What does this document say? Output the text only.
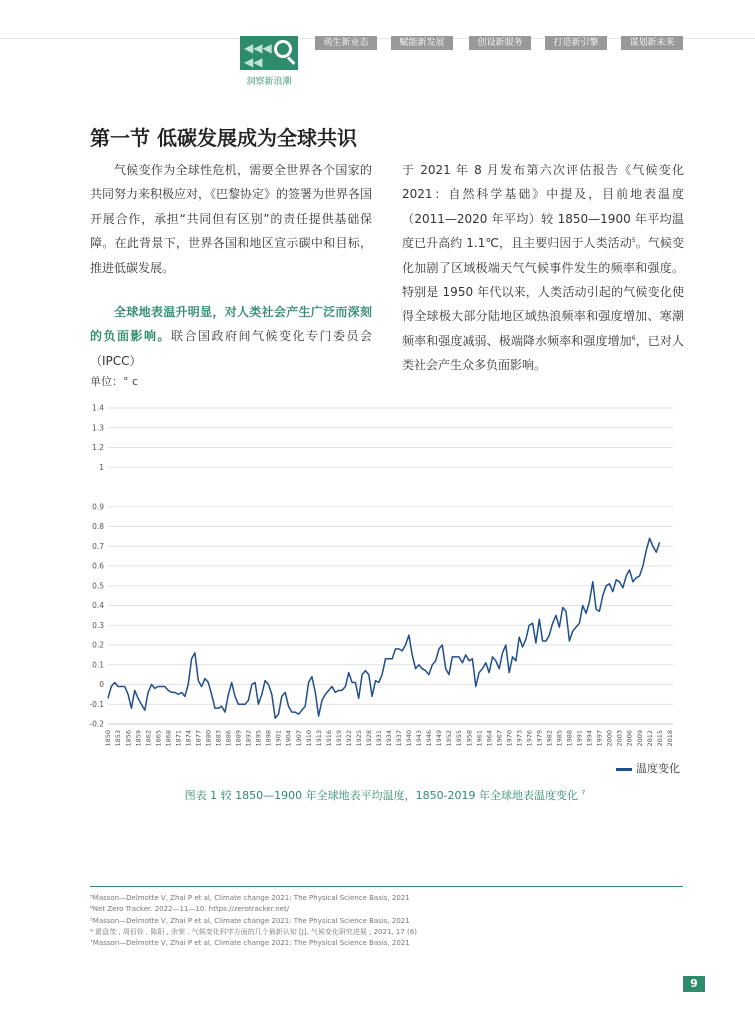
◀◀◀
◀◀
洞察新浪潮
萌生新业态	赋能新发展	创设新服务	打造新引擎	谋划新未来
第一节 低碳发展成为全球共识

气候变作为全球性危机，需要全世界各个国家的共同努力来积极应对，《巴黎协定》的签署为世界各国开展合作，承担“共同但有区别”的责任提供基础保障。在此背景下，世界各国和地区宣示碳中和目标，推进低碳发展。

全球地表温升明显，对人类社会产生广泛而深刻的负面影响。联合国政府间气候变化专门委员会（IPCC）

于 2021 年 8 月发布第六次评估报告《气候变化 2021：自然科学基础》中提及，目前地表温度（2011—2020 年平均）较 1850—1900 年平均温度已升高约 1.1℃，且主要归因于人类活动$^5$。气候变化加剧了区域极端天气气候事件发生的频率和强度。特别是 1950 年代以来，人类活动引起的气候变化使得全球极大部分陆地区域热浪频率和强度增加、寒潮频率和强度减弱、极端降水频率和强度增加$^6$，已对人类社会产生众多负面影响。

单位：° c
1.4
1.3
1.2
1
0.9
0.8
0.7
0.6
0.5
0.4
0.3
0.2
0.1
0
-0.1
-0.2
1850 1853 1856 1859 1862 1865 1868 1871 1874 1877 1880 1883 1886 1889 1892 1895 1898 1901 1904 1907 1910 1913 1916 1919 1922 1925 1928 1931 1934 1937 1940 1943 1946 1949 1952 1955 1958 1961 1964 1967 1970 1973 1976 1979 1982 1985 1988 1991 1994 1997 2000 2003 2006 2009 2012 2015 2018
温度变化
图表 1 较 1850—1900 年全球地表平均温度，1850-2019 年全球地表温度变化 $^7$
⁵Masson—Delmotte V, Zhai P et al, Climate change 2021: The Physical Science Basis, 2021
⁶Net Zero Tracker. 2022—11—10. https://zerotracker.net/
⁵Masson—Delmotte V, Zhai P et al, Climate change 2021: The Physical Science Basis, 2021
⁶ 翟盘茂 , 周佰铨 , 陈阳 , 余荣 . 气候变化科学方面的几个最新认知 [J]. 气候变化研究进展 , 2021, 17 (6)
⁷Masson—Delmotte V, Zhai P et al, Climate change 2021: The Physical Science Basis, 2021
9
